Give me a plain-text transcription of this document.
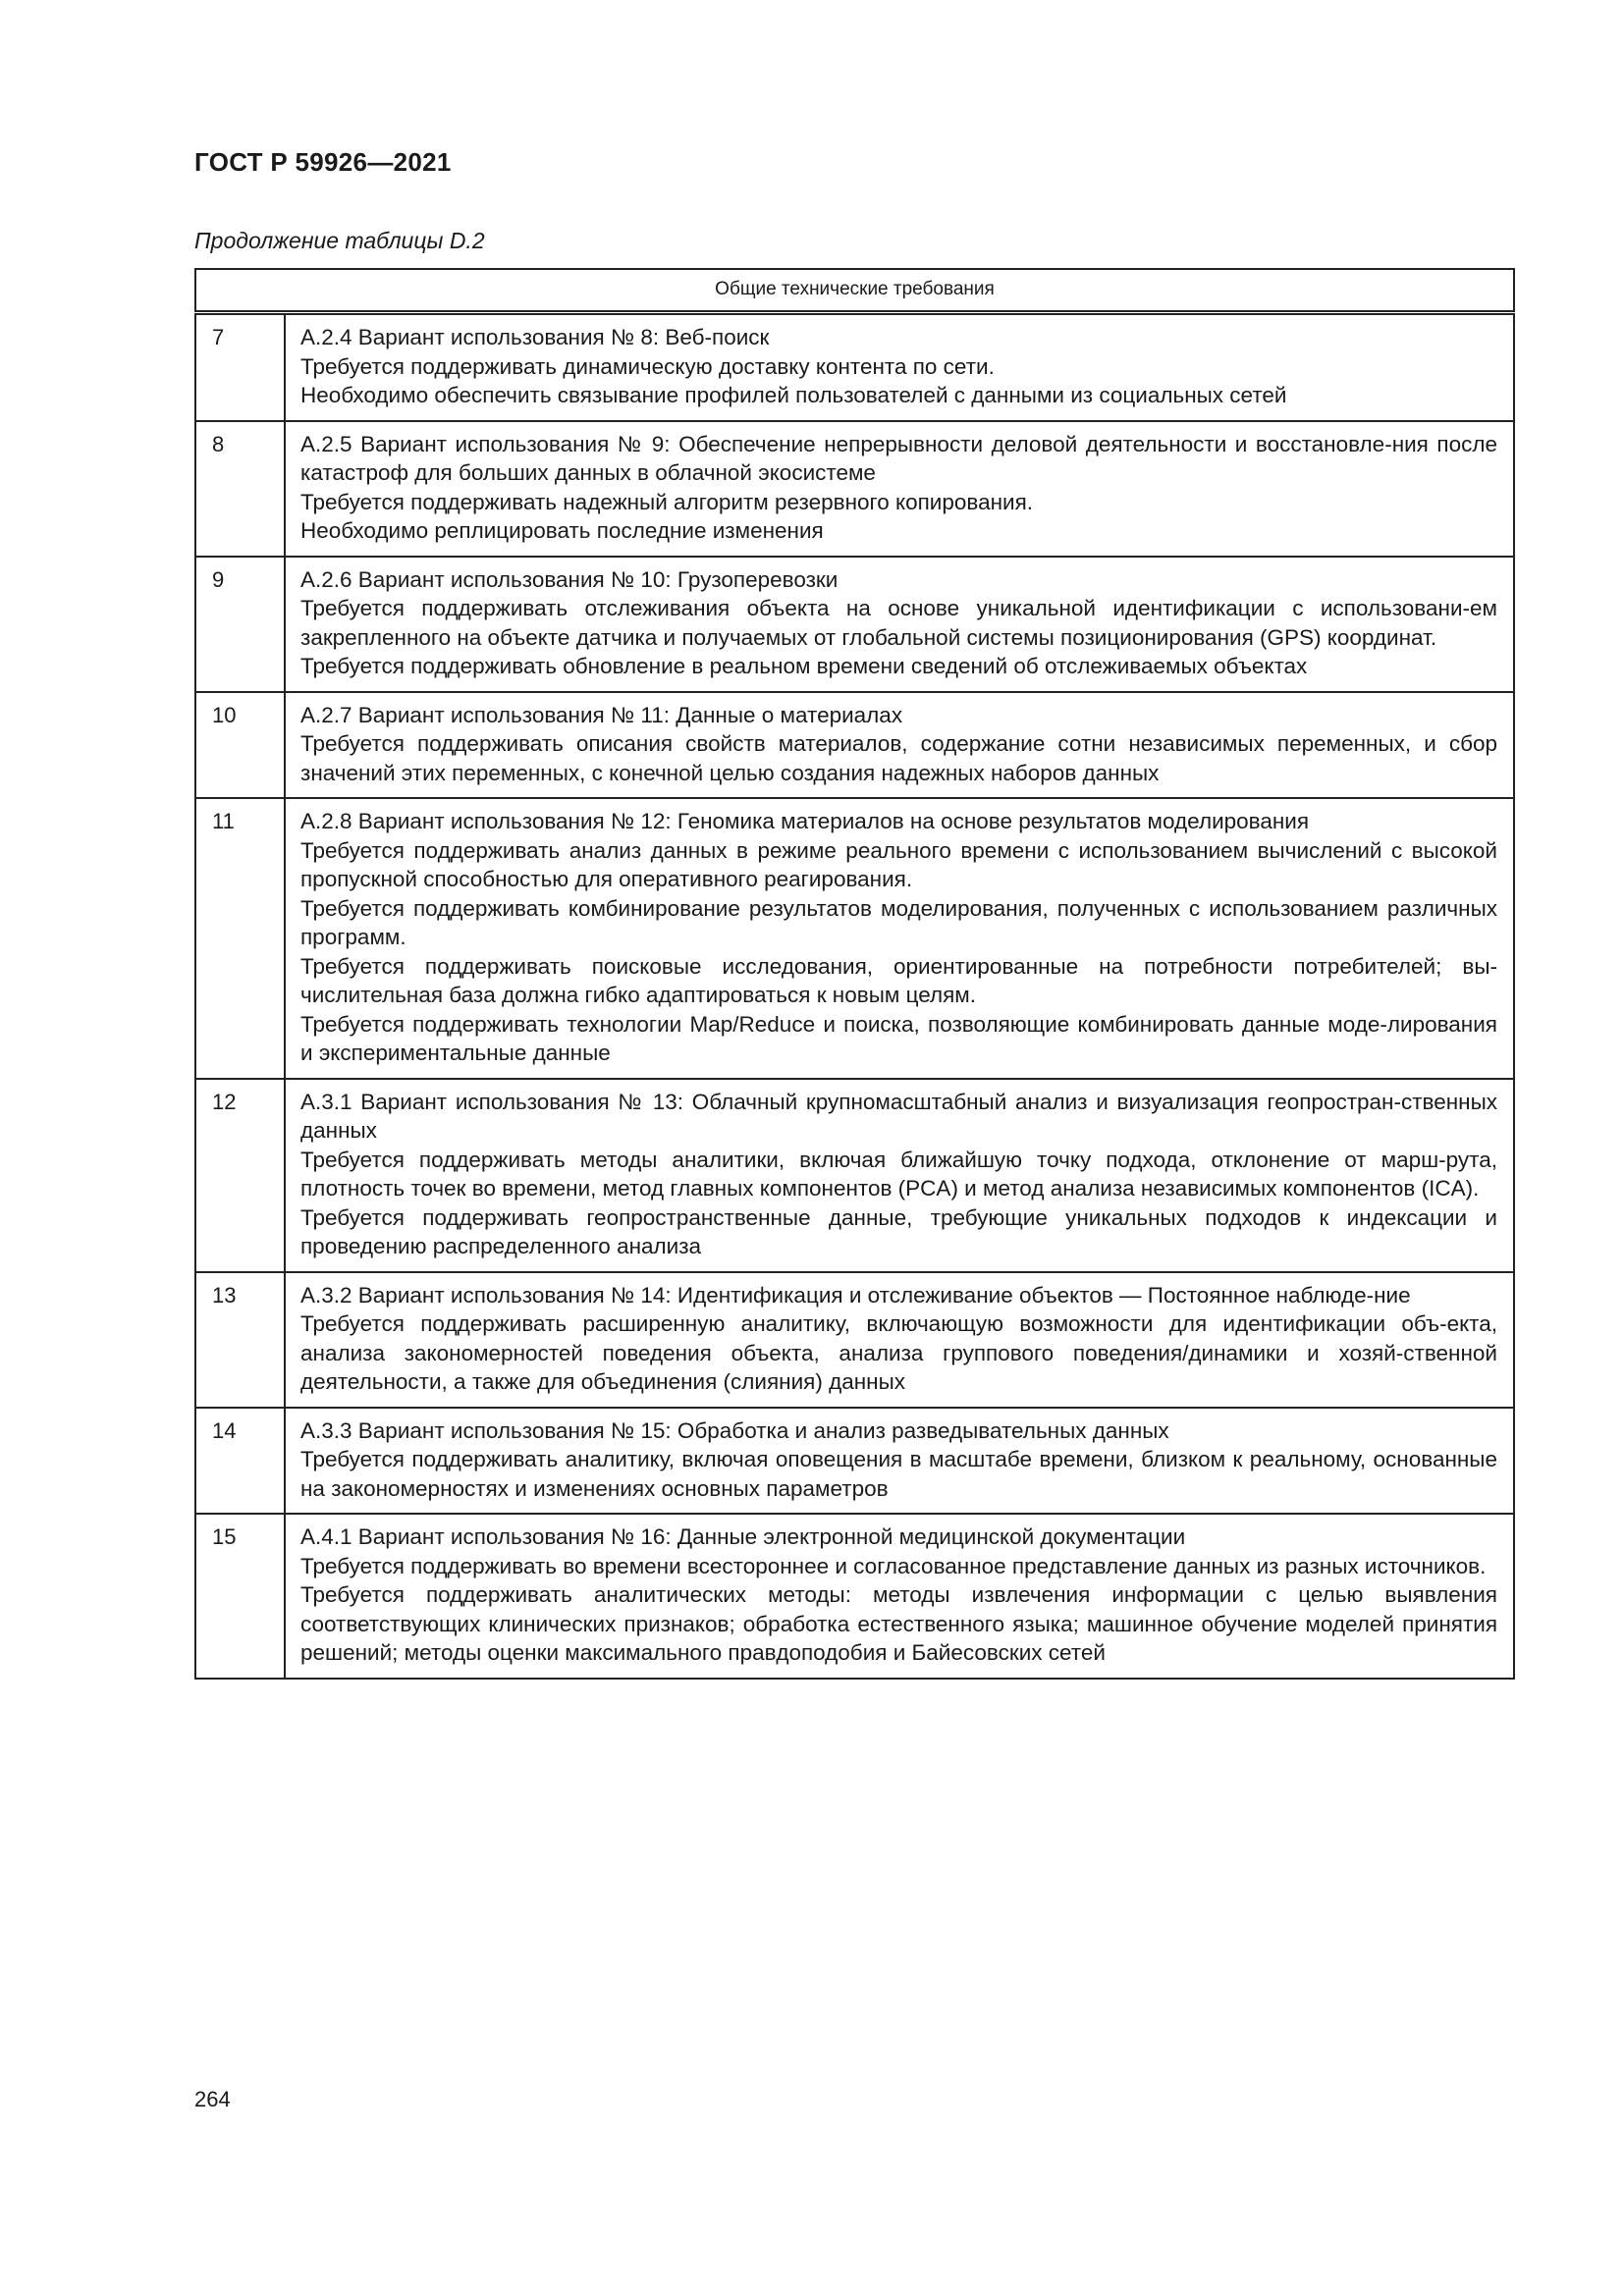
ГОСТ Р 59926—2021
Продолжение таблицы D.2
Общие технические требования	
7	A.2.4 Вариант использования № 8: Веб-поиск
Требуется поддерживать динамическую доставку контента по сети.
Необходимо обеспечить связывание профилей пользователей с данными из социальных сетей

8	A.2.5 Вариант использования № 9: Обеспечение непрерывности деловой деятельности и восстановле-ния после катастроф для больших данных в облачной экосистеме
Требуется поддерживать надежный алгоритм резервного копирования.
Необходимо реплицировать последние изменения

9	A.2.6 Вариант использования № 10: Грузоперевозки
Требуется поддерживать отслеживания объекта на основе уникальной идентификации с использовани-ем закрепленного на объекте датчика и получаемых от глобальной системы позиционирования (GPS) координат.
Требуется поддерживать обновление в реальном времени сведений об отслеживаемых объектах

10	A.2.7 Вариант использования № 11: Данные о материалах
Требуется поддерживать описания свойств материалов, содержание сотни независимых переменных, и сбор значений этих переменных, с конечной целью создания надежных наборов данных

11	A.2.8 Вариант использования № 12: Геномика материалов на основе результатов моделирования
Требуется поддерживать анализ данных в режиме реального времени с использованием вычислений с высокой пропускной способностью для оперативного реагирования.
Требуется поддерживать комбинирование результатов моделирования, полученных с использованием различных программ.
Требуется поддерживать поисковые исследования, ориентированные на потребности потребителей; вы-числительная база должна гибко адаптироваться к новым целям.
Требуется поддерживать технологии Map/Reduce и поиска, позволяющие комбинировать данные моде-лирования и экспериментальные данные

12	A.3.1 Вариант использования № 13: Облачный крупномасштабный анализ и визуализация геопростран-ственных данных
Требуется поддерживать методы аналитики, включая ближайшую точку подхода, отклонение от марш-рута, плотность точек во времени, метод главных компонентов (PCA) и метод анализа независимых компонентов (ICA).
Требуется поддерживать геопространственные данные, требующие уникальных подходов к индексации и проведению распределенного анализа

13	A.3.2 Вариант использования № 14: Идентификация и отслеживание объектов — Постоянное наблюде-ние
Требуется поддерживать расширенную аналитику, включающую возможности для идентификации объ-екта, анализа закономерностей поведения объекта, анализа группового поведения/динамики и хозяй-ственной деятельности, а также для объединения (слияния) данных

14	A.3.3 Вариант использования № 15: Обработка и анализ разведывательных данных
Требуется поддерживать аналитику, включая оповещения в масштабе времени, близком к реальному, основанные на закономерностях и изменениях основных параметров

15	A.4.1 Вариант использования № 16: Данные электронной медицинской документации
Требуется поддерживать во времени всестороннее и согласованное представление данных из разных источников.
Требуется поддерживать аналитических методы: методы извлечения информации с целью выявления соответствующих клинических признаков; обработка естественного языка; машинное обучение моделей принятия решений; методы оценки максимального правдоподобия и Байесовских сетей
264
